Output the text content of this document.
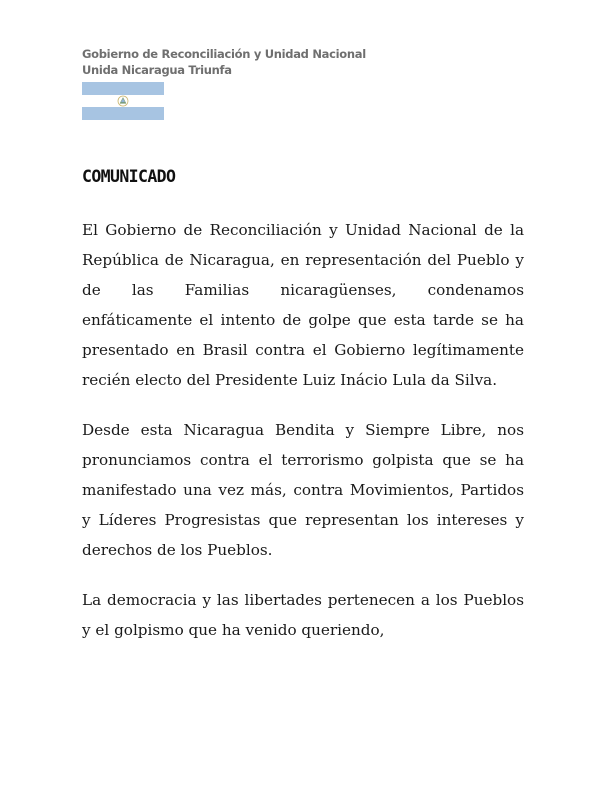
Gobierno de Reconciliación y Unidad Nacional
Unida Nicaragua Triunfa
COMUNICADO

El Gobierno de Reconciliación y Unidad Nacional de la República de Nicaragua, en representación del Pueblo y de las Familias nicaragüenses, condenamos enfáticamente el intento de golpe que esta tarde se ha presentado en Brasil contra el Gobierno legítimamente recién electo del Presidente Luiz Inácio Lula da Silva.

Desde esta Nicaragua Bendita y Siempre Libre, nos pronunciamos contra el terrorismo golpista que se ha manifestado una vez más, contra Movimientos, Partidos y Líderes Progresistas que representan los intereses y derechos de los Pueblos.

La democracia y las libertades pertenecen a los Pueblos y el golpismo que ha venido queriendo,
